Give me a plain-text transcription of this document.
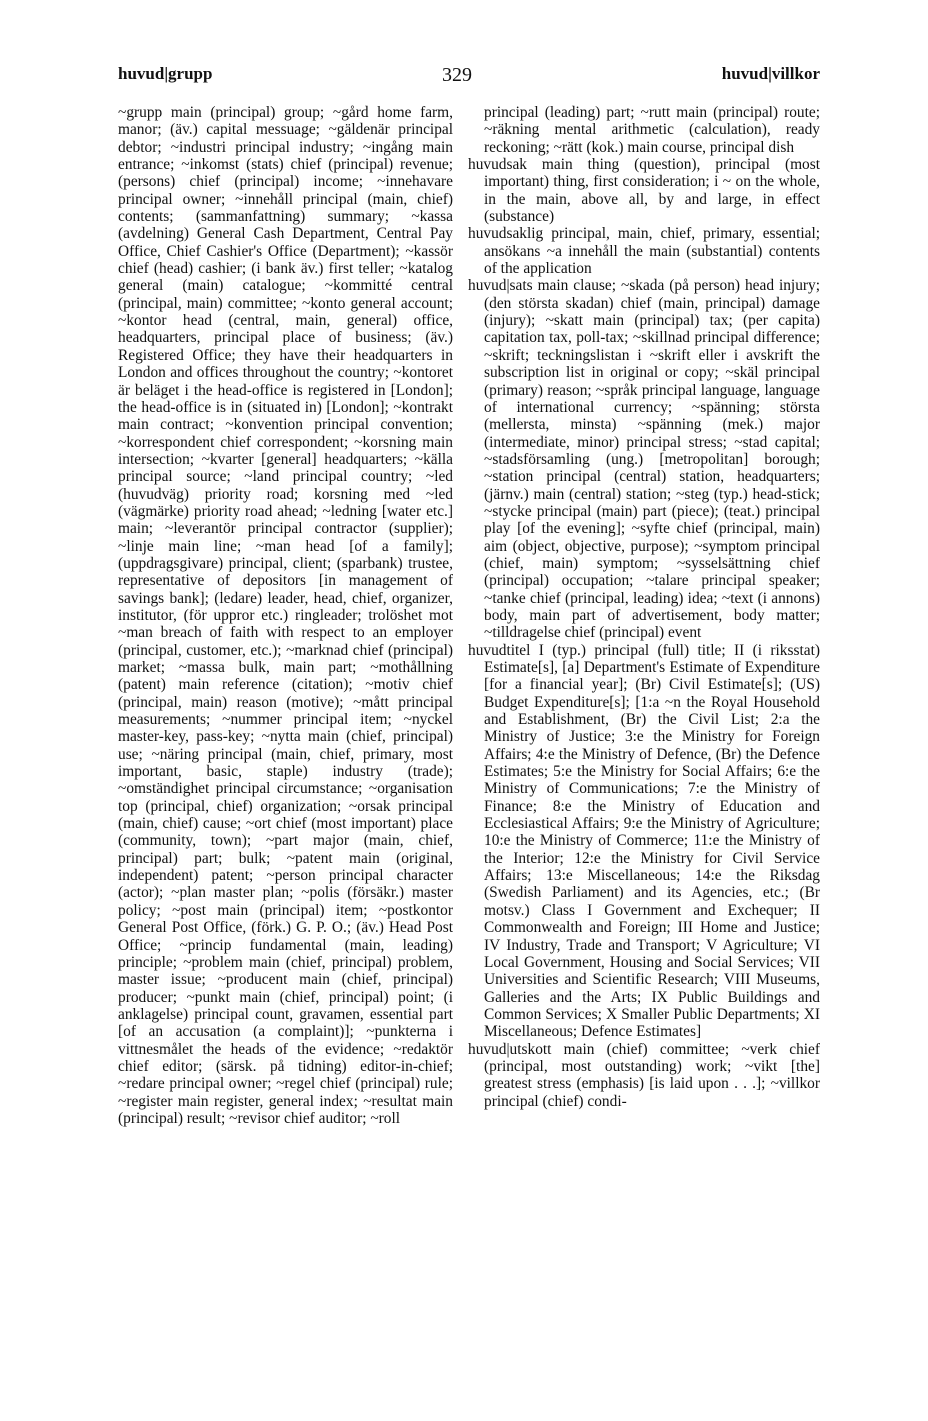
huvud|grupp	329	huvud|villkor

~grupp main (principal) group; ~gård home farm, manor; (äv.) capital messuage; ~gäldenär principal debtor; ~industri principal industry; ~ingång main entrance; ~inkomst (stats) chief (principal) revenue; (persons) chief (principal) income; ~innehavare principal owner; ~innehåll principal (main, chief) contents; (sammanfattning) summary; ~kassa (avdelning) General Cash Department, Central Pay Office, Chief Cashier's Office (Department); ~kassör chief (head) cashier; (i bank äv.) first teller; ~katalog general (main) catalogue; ~kommitté central (principal, main) committee; ~konto general account; ~kontor head (central, main, general) office, headquarters, principal place of business; (äv.) Registered Office; they have their headquarters in London and offices throughout the country; ~kontoret är beläget i the head-office is registered in [London]; the head-office is in (situated in) [London]; ~kontrakt main contract; ~konvention principal convention; ~korrespondent chief correspondent; ~korsning main intersection; ~kvarter [general] headquarters; ~källa principal source; ~land principal country; ~led (huvudväg) priority road; korsning med ~led (vägmärke) priority road ahead; ~ledning [water etc.] main; ~leverantör principal contractor (supplier); ~linje main line; ~man head [of a family]; (uppdragsgivare) principal, client; (sparbank) trustee, representative of depositors [in management of savings bank]; (ledare) leader, head, chief, organizer, institutor, (för uppror etc.) ringleader; trolöshet mot ~man breach of faith with respect to an employer (principal, customer, etc.); ~marknad chief (principal) market; ~massa bulk, main part; ~mothållning (patent) main reference (citation); ~motiv chief (principal, main) reason (motive); ~mått principal measurements; ~nummer principal item; ~nyckel master-key, pass-key; ~nytta main (chief, principal) use; ~näring principal (main, chief, primary, most important, basic, staple) industry (trade); ~omständighet principal circumstance; ~organisation top (principal, chief) organization; ~orsak principal (main, chief) cause; ~ort chief (most important) place (community, town); ~part major (main, chief, principal) part; bulk; ~patent main (original, independent) patent; ~person principal character (actor); ~plan master plan; ~polis (försäkr.) master policy; ~post main (principal) item; ~postkontor General Post Office, (förk.) G. P. O.; (äv.) Head Post Office; ~princip fundamental (main, leading) principle; ~problem main (chief, principal) problem, master issue; ~producent main (chief, principal) producer; ~punkt main (chief, principal) point; (i anklagelse) principal count, gravamen, essential part [of an accusation (a complaint)]; ~punkterna i vittnesmålet the heads of the evidence; ~redaktör chief editor; (särsk. på tidning) editor-in-chief; ~redare principal owner; ~regel chief (principal) rule; ~register main register, general index; ~resultat main (principal) result; ~revisor chief auditor; ~roll

principal (leading) part; ~rutt main (principal) route; ~räkning mental arithmetic (calculation), ready reckoning; ~rätt (kok.) main course, principal dish

huvudsak main thing (question), principal (most important) thing, first consideration; i ~ on the whole, in the main, above all, by and large, in effect (substance)

huvudsaklig principal, main, chief, primary, essential; ansökans ~a innehåll the main (substantial) contents of the application

huvud|sats main clause; ~skada (på person) head injury; (den största skadan) chief (main, principal) damage (injury); ~skatt main (principal) tax; (per capita) capitation tax, poll-tax; ~skillnad principal difference; ~skrift; teckningslistan i ~skrift eller i avskrift the subscription list in original or copy; ~skäl principal (primary) reason; ~språk principal language, language of international currency; ~spänning; största (mellersta, minsta) ~spänning (mek.) major (intermediate, minor) principal stress; ~stad capital; ~stadsförsamling (ung.) [metropolitan] borough; ~station principal (central) station, headquarters; (järnv.) main (central) station; ~steg (typ.) head-stick; ~stycke principal (main) part (piece); (teat.) principal play [of the evening]; ~syfte chief (principal, main) aim (object, objective, purpose); ~symptom principal (chief, main) symptom; ~sysselsättning chief (principal) occupation; ~talare principal speaker; ~tanke chief (principal, leading) idea; ~text (i annons) body, main part of advertisement, body matter; ~tilldragelse chief (principal) event

huvudtitel I (typ.) principal (full) title; II (i riksstat) Estimate[s], [a] Department's Estimate of Expenditure [for a financial year]; (Br) Civil Estimate[s]; (US) Budget Expenditure[s]; [1:a ~n the Royal Household and Establishment, (Br) the Civil List; 2:a the Ministry of Justice; 3:e the Ministry for Foreign Affairs; 4:e the Ministry of Defence, (Br) the Defence Estimates; 5:e the Ministry for Social Affairs; 6:e the Ministry of Communications; 7:e the Ministry of Finance; 8:e the Ministry of Education and Ecclesiastical Affairs; 9:e the Ministry of Agriculture; 10:e the Ministry of Commerce; 11:e the Ministry of the Interior; 12:e the Ministry for Civil Service Affairs; 13:e Miscellaneous; 14:e the Riksdag (Swedish Parliament) and its Agencies, etc.; (Br motsv.) Class I Government and Exchequer; II Commonwealth and Foreign; III Home and Justice; IV Industry, Trade and Transport; V Agriculture; VI Local Government, Housing and Social Services; VII Universities and Scientific Research; VIII Museums, Galleries and the Arts; IX Public Buildings and Common Services; X Smaller Public Departments; XI Miscellaneous; Defence Estimates]

huvud|utskott main (chief) committee; ~verk chief (principal, most outstanding) work; ~vikt [the] greatest stress (emphasis) [is laid upon . . .]; ~villkor principal (chief) condi-
